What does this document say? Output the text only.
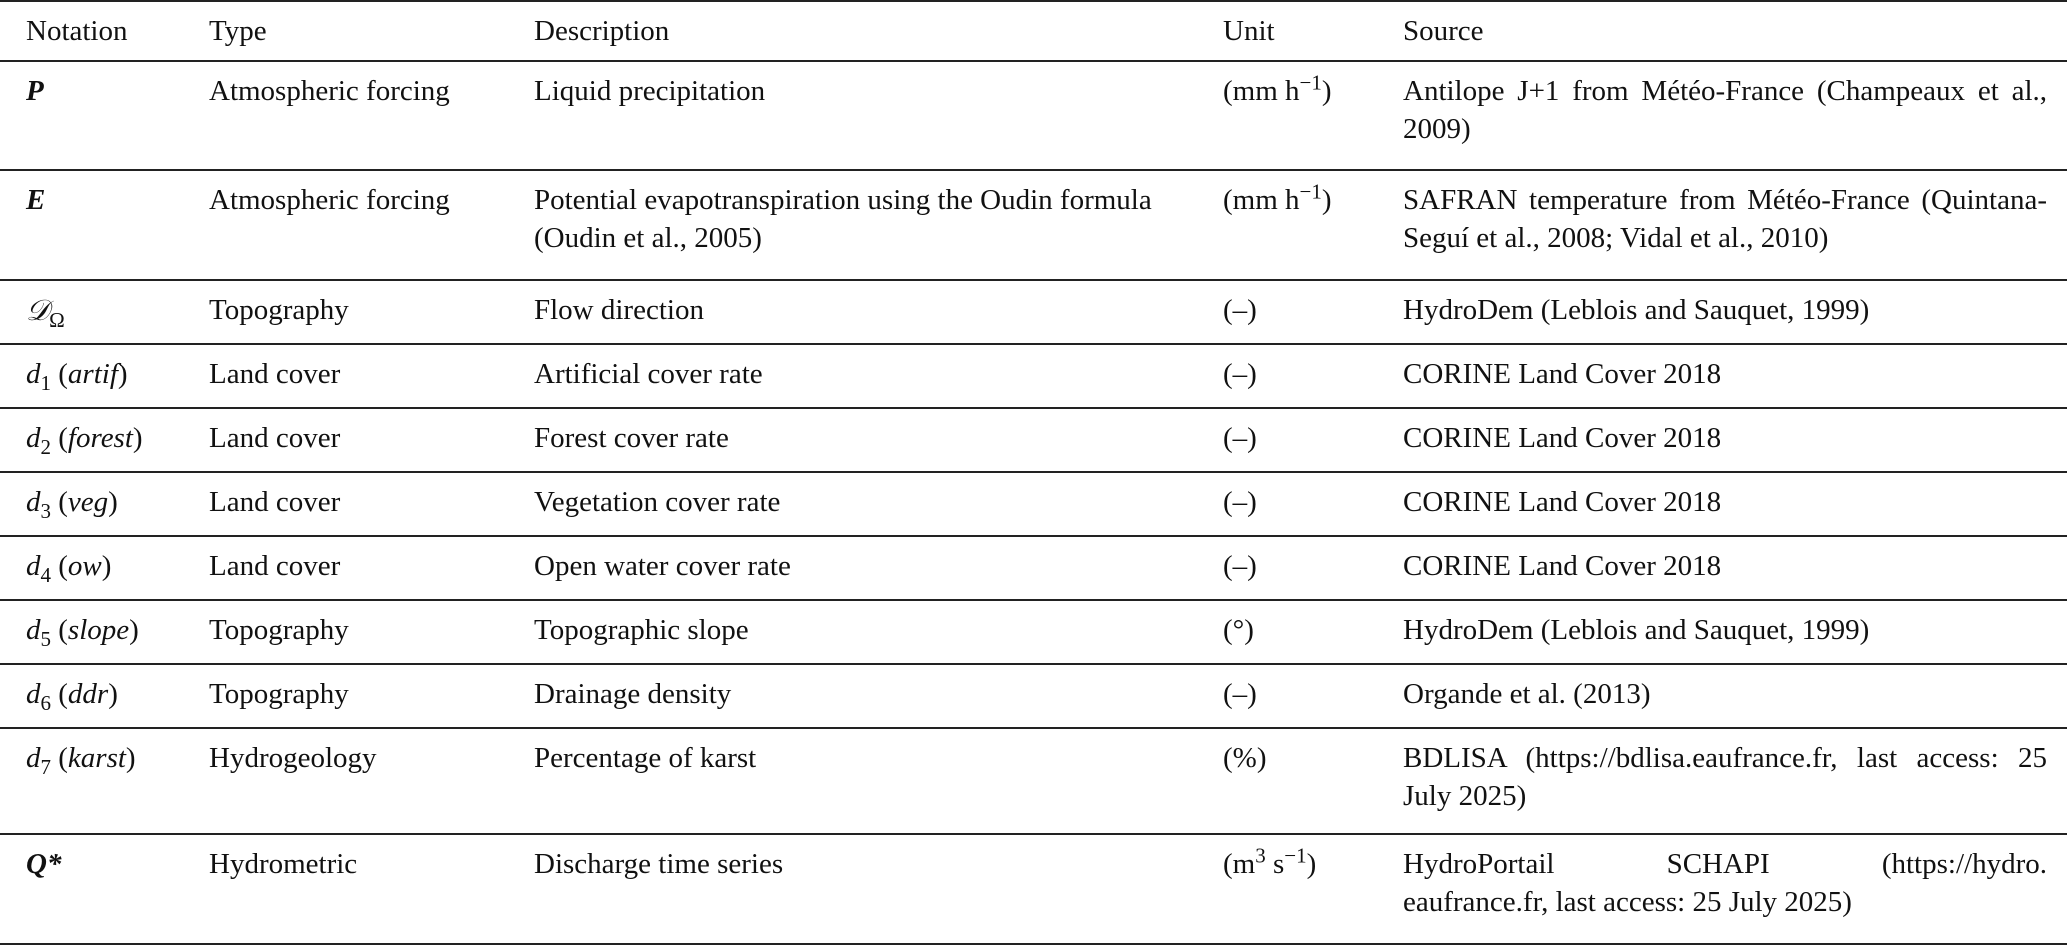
Notation	Type	Description	Unit	Source
P	Atmospheric forcing	Liquid precipitation	(mm $h^{-1}$)	Antilope J+1 from Météo-France (Champeaux et al., 2009)
E	Atmospheric forcing	Potential evapotranspiration using the Oudin formula (Oudin et al., 2005)	(mm $h^{-1}$)	SAFRAN temperature from Météo-France (Quintana-Seguí et al., 2008; Vidal et al., 2010)
𝒟$_\Omega$	Topography	Flow direction	(–)	HydroDem (Leblois and Sauquet, 1999)
$d_1$ (artif)	Land cover	Artificial cover rate	(–)	CORINE Land Cover 2018
$d_2$ (forest)	Land cover	Forest cover rate	(–)	CORINE Land Cover 2018
$d_3$ (veg)	Land cover	Vegetation cover rate	(–)	CORINE Land Cover 2018
$d_4$ (ow)	Land cover	Open water cover rate	(–)	CORINE Land Cover 2018
$d_5$ (slope)	Topography	Topographic slope	(°)	HydroDem (Leblois and Sauquet, 1999)
$d_6$ (ddr)	Topography	Drainage density	(–)	Organde et al. (2013)
$d_7$ (karst)	Hydrogeology	Percentage of karst	(%)	BDLISA (https://bdlisa.eaufrance.fr, last access: 25 July 2025)
Q*	Hydrometric	Discharge time series	($m^3$ $s^{-1}$)	HydroPortail SCHAPI (https://hydro.
eaufrance.fr, last access: 25 July 2025)
